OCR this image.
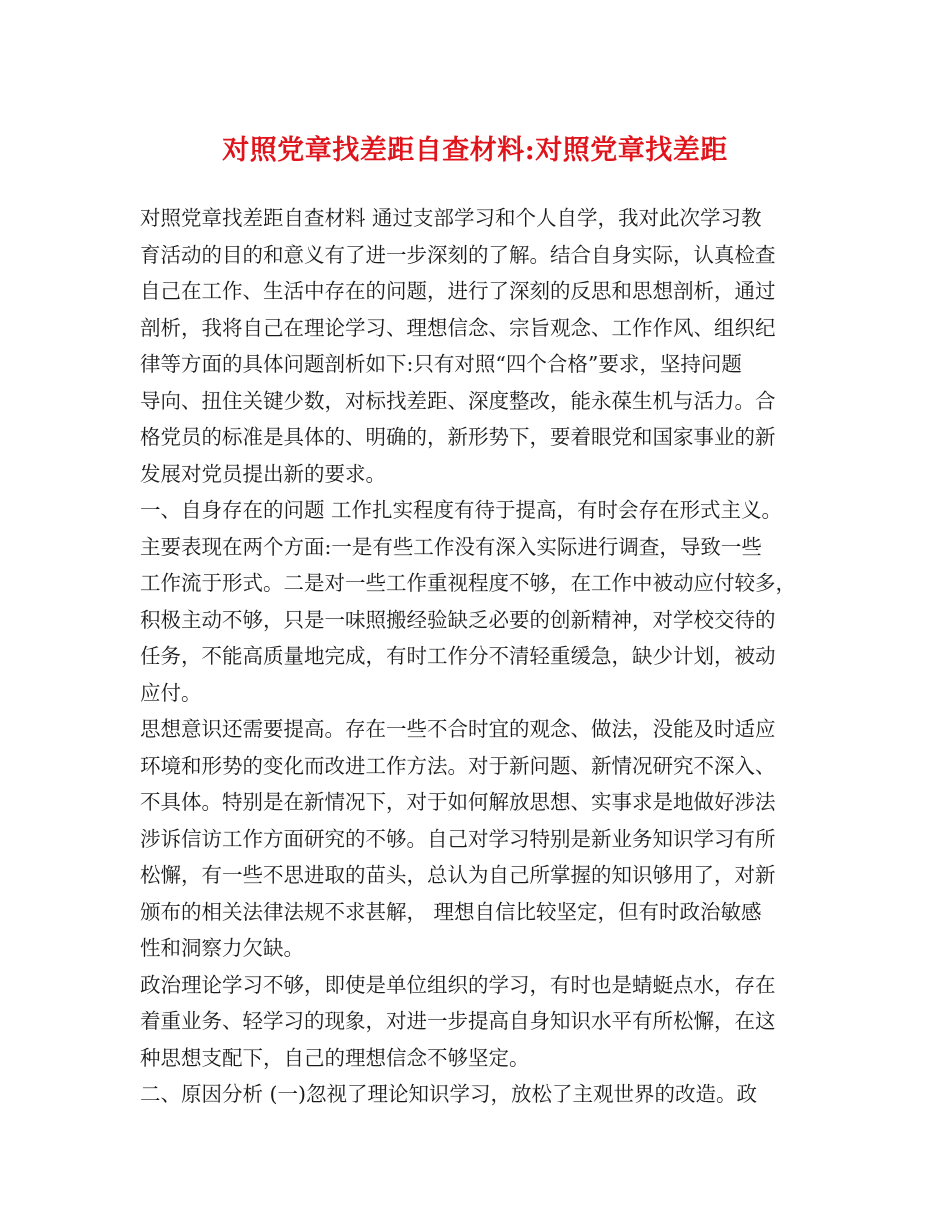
对照党章找差距自查材料:对照党章找差距
对照党章找差距自查材料 通过支部学习和个人自学，我对此次学习教
育活动的目的和意义有了进一步深刻的了解。结合自身实际，认真检查
自己在工作、生活中存在的问题，进行了深刻的反思和思想剖析，通过
剖析，我将自己在理论学习、理想信念、宗旨观念、工作作风、组织纪
律等方面的具体问题剖析如下:只有对照“四个合格”要求，坚持问题
导向、扭住关键少数，对标找差距、深度整改，能永葆生机与活力。合
格党员的标准是具体的、明确的，新形势下，要着眼党和国家事业的新
发展对党员提出新的要求。
一、自身存在的问题 工作扎实程度有待于提高，有时会存在形式主义。
主要表现在两个方面:一是有些工作没有深入实际进行调查，导致一些
工作流于形式。二是对一些工作重视程度不够，在工作中被动应付较多，
积极主动不够，只是一味照搬经验缺乏必要的创新精神，对学校交待的
任务，不能高质量地完成，有时工作分不清轻重缓急，缺少计划，被动
应付。
思想意识还需要提高。存在一些不合时宜的观念、做法，没能及时适应
环境和形势的变化而改进工作方法。对于新问题、新情况研究不深入、
不具体。特别是在新情况下，对于如何解放思想、实事求是地做好涉法
涉诉信访工作方面研究的不够。自己对学习特别是新业务知识学习有所
松懈，有一些不思进取的苗头，总认为自己所掌握的知识够用了，对新
颁布的相关法律法规不求甚解， 理想自信比较坚定，但有时政治敏感
性和洞察力欠缺。
政治理论学习不够，即使是单位组织的学习，有时也是蜻蜓点水，存在
着重业务、轻学习的现象，对进一步提高自身知识水平有所松懈，在这
种思想支配下，自己的理想信念不够坚定。
二、原因分析 (一)忽视了理论知识学习，放松了主观世界的改造。政
